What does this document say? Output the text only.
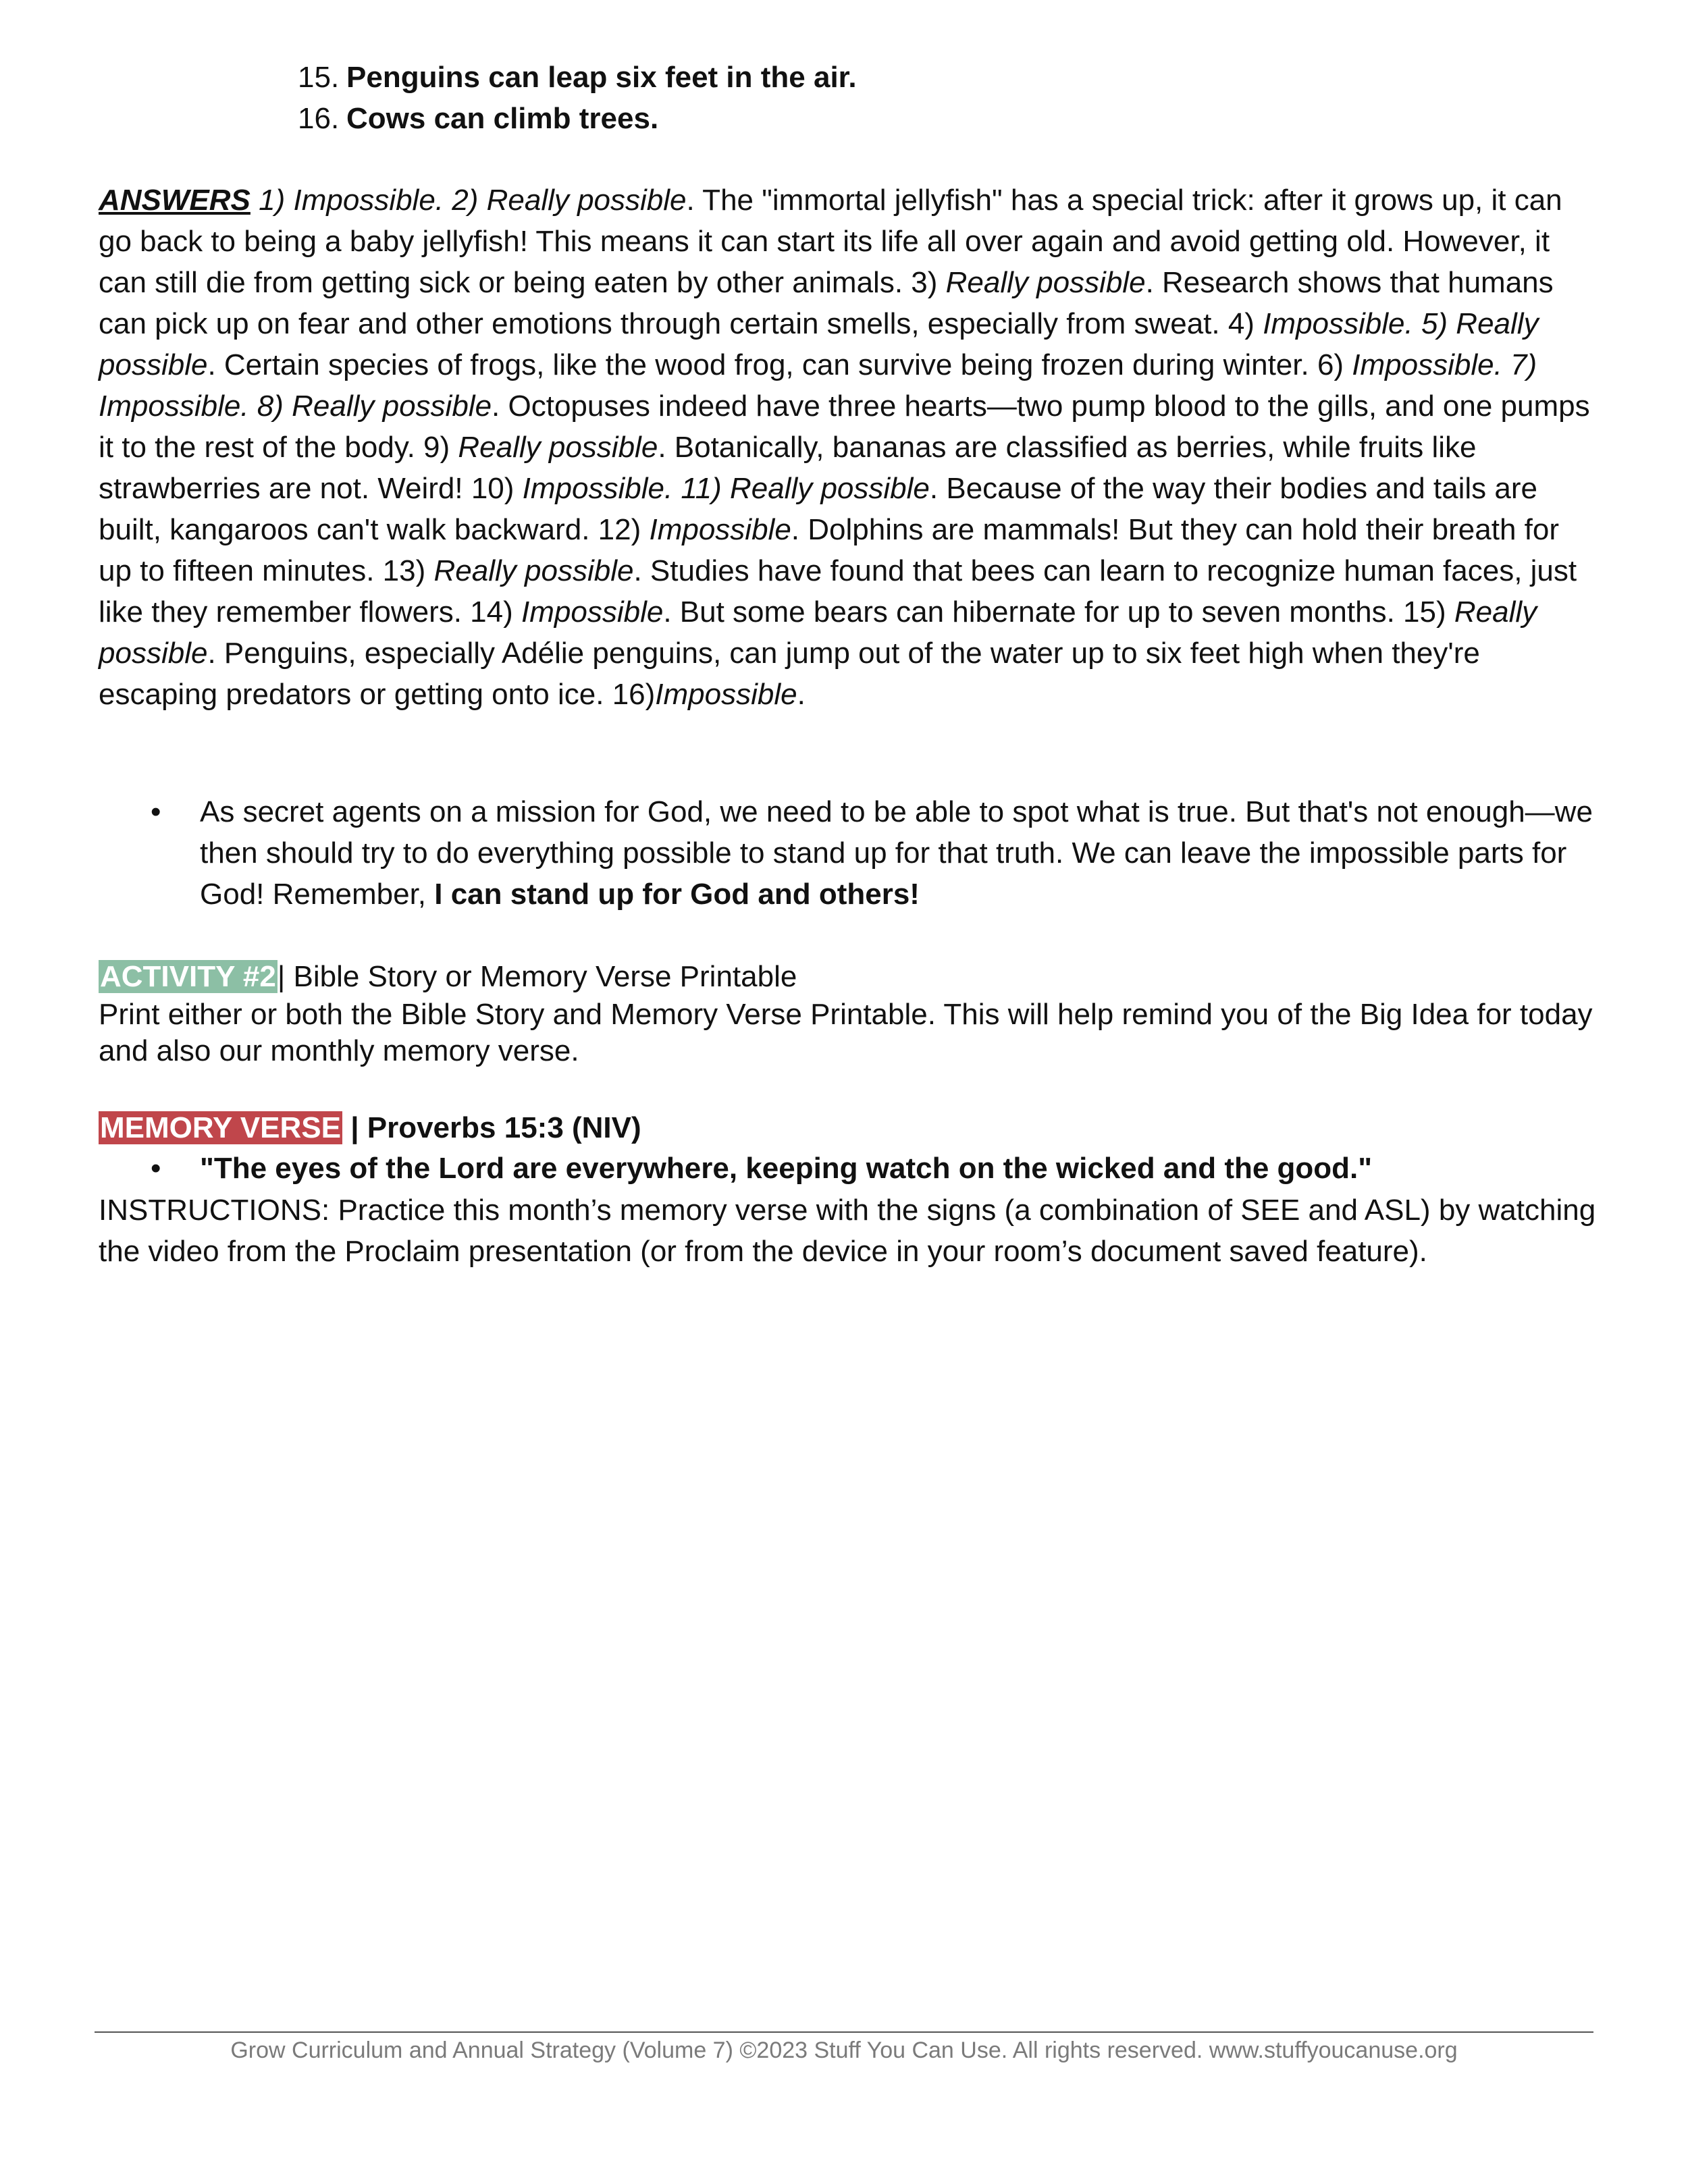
15. Penguins can leap six feet in the air.
16. Cows can climb trees.

ANSWERS 1) Impossible. 2) Really possible. The "immortal jellyfish" has a special trick: after it grows up, it can go back to being a baby jellyfish! This means it can start its life all over again and avoid getting old. However, it can still die from getting sick or being eaten by other animals. 3) Really possible. Research shows that humans can pick up on fear and other emotions through certain smells, especially from sweat. 4) Impossible. 5) Really possible. Certain species of frogs, like the wood frog, can survive being frozen during winter. 6) Impossible. 7) Impossible. 8) Really possible. Octopuses indeed have three hearts—two pump blood to the gills, and one pumps it to the rest of the body. 9) Really possible. Botanically, bananas are classified as berries, while fruits like strawberries are not. Weird! 10) Impossible. 11) Really possible. Because of the way their bodies and tails are built, kangaroos can't walk backward. 12) Impossible. Dolphins are mammals! But they can hold their breath for up to fifteen minutes. 13) Really possible. Studies have found that bees can learn to recognize human faces, just like they remember flowers. 14) Impossible. But some bears can hibernate for up to seven months. 15) Really possible. Penguins, especially Adélie penguins, can jump out of the water up to six feet high when they're escaping predators or getting onto ice. 16)Impossible.

• As secret agents on a mission for God, we need to be able to spot what is true. But that's not enough—we then should try to do everything possible to stand up for that truth. We can leave the impossible parts for God! Remember, I can stand up for God and others!
ACTIVITY #2| Bible Story or Memory Verse Printable

Print either or both the Bible Story and Memory Verse Printable. This will help remind you of the Big Idea for today and also our monthly memory verse.

MEMORY VERSE | Proverbs 15:3 (NIV)
• "The eyes of the Lord are everywhere, keeping watch on the wicked and the good."

INSTRUCTIONS: Practice this month’s memory verse with the signs (a combination of SEE and ASL) by watching the video from the Proclaim presentation (or from the device in your room’s document saved feature).

Grow Curriculum and Annual Strategy (Volume 7) ©2023 Stuff You Can Use. All rights reserved. www.stuffyoucanuse.org
